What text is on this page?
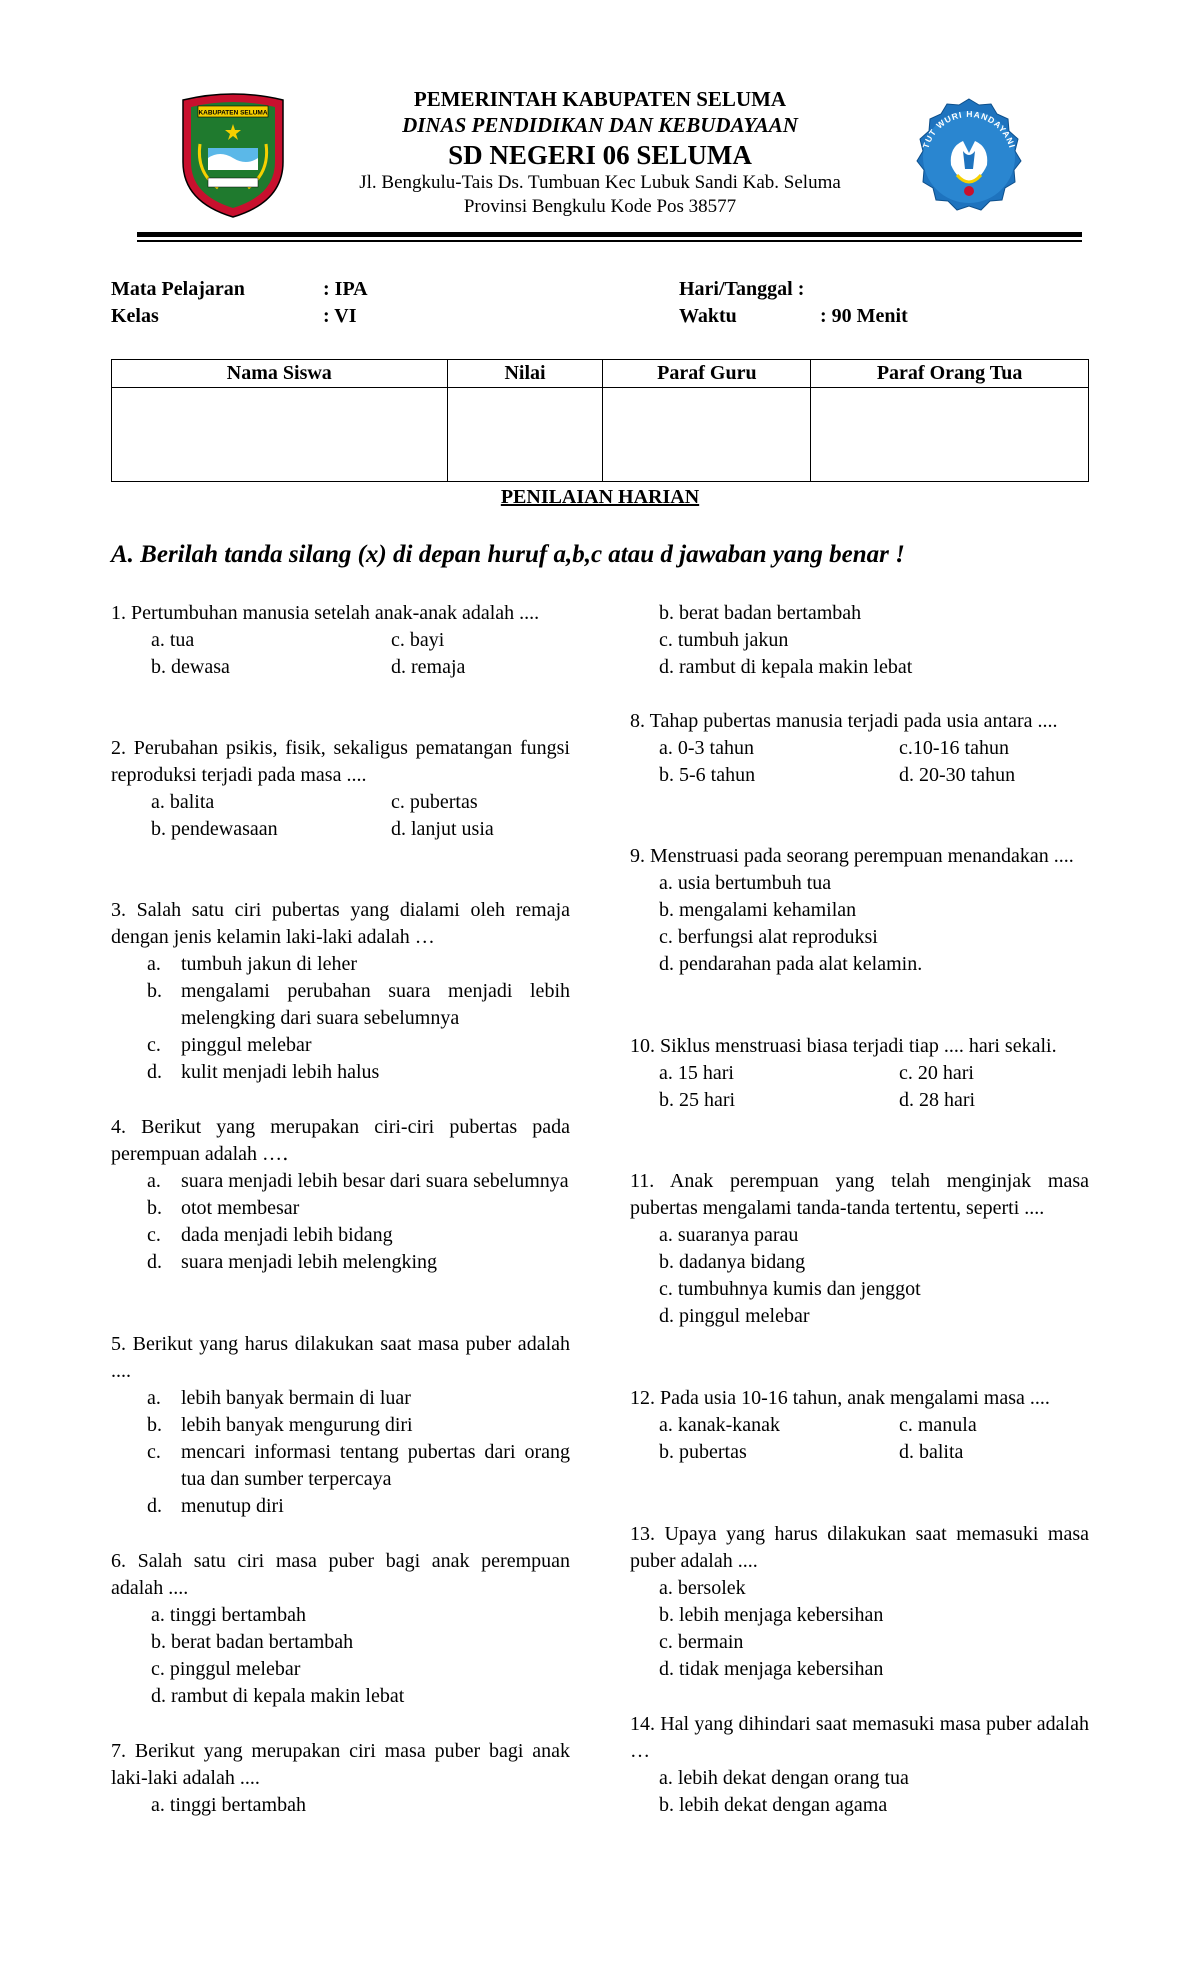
KABUPATEN SELUMA
TUT WURI HANDAYANI
PEMERINTAH KABUPATEN SELUMA
DINAS PENDIDIKAN DAN KEBUDAYAAN
SD NEGERI 06 SELUMA
Jl. Bengkulu-Tais Ds. Tumbuan Kec Lubuk Sandi Kab. Seluma
Provinsi Bengkulu Kode Pos 38577
Mata Pelajaran	: IPA
Kelas	: VI
Hari/Tanggal :
Waktu	: 90 Menit
Nama Siswa	Nilai	Paraf Guru	Paraf Orang Tua

PENILAIAN HARIAN
A. Berilah tanda silang (x) di depan huruf a,b,c atau d jawaban yang benar !
1. Pertumbuhan manusia setelah anak-anak adalah ....
a. tua	c. bayi
b. dewasa	d. remaja
2. Perubahan psikis, fisik, sekaligus pematangan fungsi reproduksi terjadi pada masa ....
a. balita	c. pubertas
b. pendewasaan	d. lanjut usia
3. Salah satu ciri pubertas yang dialami oleh remaja dengan jenis kelamin laki-laki adalah …
a.	tumbuh jakun di leher
b. mengalami perubahan suara menjadi lebih melengking dari suara sebelumnya
c.	pinggul melebar
d. kulit menjadi lebih halus
4. Berikut yang merupakan ciri-ciri pubertas pada perempuan adalah …․
a.	suara menjadi lebih besar dari suara sebelumnya
b. otot membesar
c.	dada menjadi lebih bidang
d. suara menjadi lebih melengking
5. Berikut yang harus dilakukan saat masa puber adalah ....
a.	lebih banyak bermain di luar
b. lebih banyak mengurung diri
c.	mencari informasi tentang pubertas dari orang tua dan sumber terpercaya
d. menutup diri
6. Salah satu ciri masa puber bagi anak perempuan adalah ....
a. tinggi bertambah
b. berat badan bertambah
c. pinggul melebar
d. rambut di kepala makin lebat
7. Berikut yang merupakan ciri masa puber bagi anak laki-laki adalah ....
a. tinggi bertambah
b. berat badan bertambah
c. tumbuh jakun
d. rambut di kepala makin lebat
8. Tahap pubertas manusia terjadi pada usia antara ....
a. 0-3 tahun	c.10-16 tahun
b. 5-6 tahun	d. 20-30 tahun
9. Menstruasi pada seorang perempuan menandakan ....
a. usia bertumbuh tua
b. mengalami kehamilan
c. berfungsi alat reproduksi
d. pendarahan pada alat kelamin.
10. Siklus menstruasi biasa terjadi tiap .... hari sekali.
a. 15 hari	c. 20 hari
b. 25 hari	d. 28 hari
11. Anak perempuan yang telah menginjak masa pubertas mengalami tanda-tanda tertentu, seperti ....
a. suaranya parau
b. dadanya bidang
c. tumbuhnya kumis dan jenggot
d. pinggul melebar
12. Pada usia 10-16 tahun, anak mengalami masa ....
a. kanak-kanak	c. manula
b. pubertas	d. balita
13. Upaya yang harus dilakukan saat memasuki masa puber adalah ....
a. bersolek
b. lebih menjaga kebersihan
c. bermain
d. tidak menjaga kebersihan
14. Hal yang dihindari saat memasuki masa puber adalah …
a. lebih dekat dengan orang tua
b. lebih dekat dengan agama
